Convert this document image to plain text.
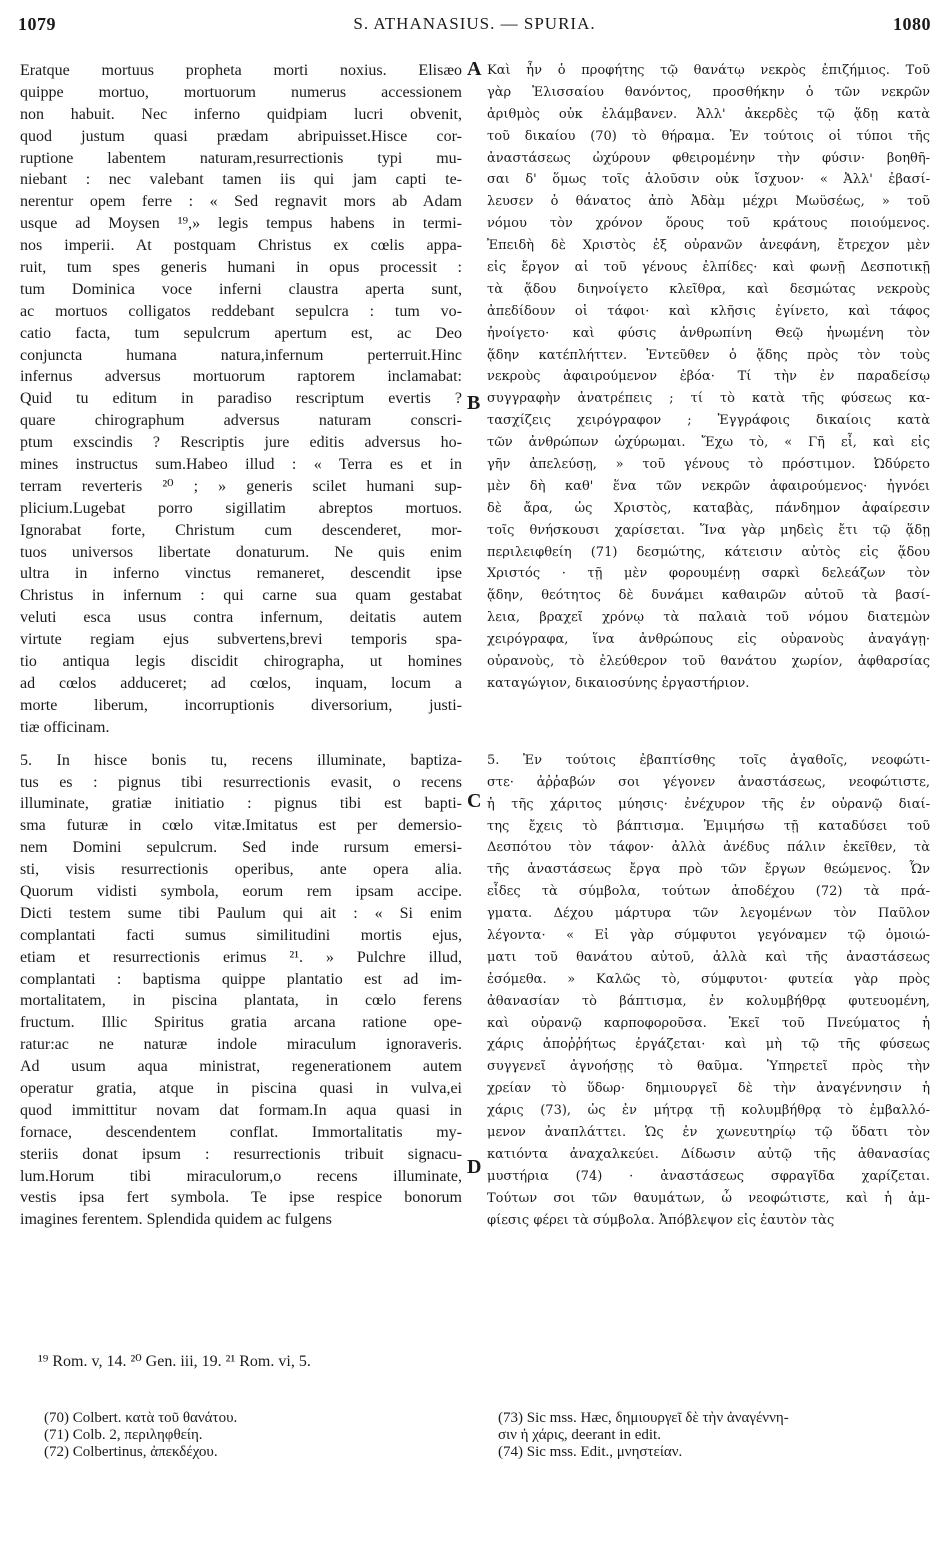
1079	S. ATHANASIUS. — SPURIA.	1080
Eratque mortuus propheta morti noxius. Elisæo
quippe mortuo, mortuorum numerus accessionem
non habuit. Nec inferno quidpiam lucri obvenit,
quod justum quasi prædam abripuisset.Hisce cor-
ruptione labentem naturam,resurrectionis typi mu-
niebant : nec valebant tamen iis qui jam capti te-
nerentur opem ferre : « Sed regnavit mors ab Adam
usque ad Moysen ¹⁹,» legis tempus habens in termi-
nos imperii. At postquam Christus ex cœlis appa-
ruit, tum spes generis humani in opus processit :
tum Dominica voce inferni claustra aperta sunt,
ac mortuos colligatos reddebant sepulcra : tum vo-
catio facta, tum sepulcrum apertum est, ac Deo
conjuncta humana natura,infernum perterruit.Hinc
infernus adversus mortuorum raptorem inclamabat:
Quid tu editum in paradiso rescriptum evertis ?
quare chirographum adversus naturam conscri-
ptum exscindis ? Rescriptis jure editis adversus ho-
mines instructus sum.Habeo illud : « Terra es et in
terram reverteris ²⁰ ; » generis scilet humani sup-
plicium.Lugebat porro sigillatim abreptos mortuos.
Ignorabat forte, Christum cum descenderet, mor-
tuos universos libertate donaturum. Ne quis enim
ultra in inferno vinctus remaneret, descendit ipse
Christus in infernum : qui carne sua quam gestabat
veluti esca usus contra infernum, deitatis autem
virtute regiam ejus subvertens,brevi temporis spa-
tio antiqua legis discidit chirographa, ut homines
ad cœlos adduceret; ad cœlos, inquam, locum a
morte liberum, incorruptionis diversorium, justi-
tiæ officinam.
5. In hisce bonis tu, recens illuminate, baptiza-
tus es : pignus tibi resurrectionis evasit, o recens
illuminate, gratiæ initiatio : pignus tibi est bapti-
sma futuræ in cœlo vitæ.Imitatus est per demersio-
nem Domini sepulcrum. Sed inde rursum emersi-
sti, visis resurrectionis operibus, ante opera alia.
Quorum vidisti symbola, eorum rem ipsam accipe.
Dicti testem sume tibi Paulum qui ait : « Si enim
complantati facti sumus similitudini mortis ejus,
etiam et resurrectionis erimus ²¹. » Pulchre illud,
complantati : baptisma quippe plantatio est ad im-
mortalitatem, in piscina plantata, in cœlo ferens
fructum. Illic Spiritus gratia arcana ratione ope-
ratur:ac ne naturæ indole miraculum ignoraveris.
Ad usum aqua ministrat, regenerationem autem
operatur gratia, atque in piscina quasi in vulva,ei
quod immittitur novam dat formam.In aqua quasi in
fornace, descendentem conflat. Immortalitatis my-
steriis donat ipsum : resurrectionis tribuit signacu-
lum.Horum tibi miraculorum,o recens illuminate,
vestis ipsa fert symbola. Te ipse respice bonorum
imagines ferentem. Splendida quidem ac fulgens
Καὶ ἦν ὁ προφήτης τῷ θανάτῳ νεκρὸς ἐπιζήμιος. Τοῦ
γὰρ Ἐλισσαίου θανόντος, προσθήκην ὁ τῶν νεκρῶν
ἀριθμὸς οὐκ ἐλάμβανεν. Ἀλλ' ἀκερδὲς τῷ ᾅδῃ κατὰ
τοῦ δικαίου (70) τὸ θήραμα. Ἐν τούτοις οἱ τύποι τῆς
ἀναστάσεως ὠχύρουν φθειρομένην τὴν φύσιν· βοηθῆ-
σαι δ' ὅμως τοῖς ἁλοῦσιν οὐκ ἴσχυον· « Ἀλλ' ἐβασί-
λευσεν ὁ θάνατος ἀπὸ Ἀδὰμ μέχρι Μωϋσέως, » τοῦ
νόμου τὸν χρόνον ὅρους τοῦ κράτους ποιούμενος.
Ἐπειδὴ δὲ Χριστὸς ἐξ οὐρανῶν ἀνεφάνη, ἔτρεχον μὲν
εἰς ἔργον αἱ τοῦ γένους ἐλπίδες· καὶ φωνῇ Δεσποτικῇ
τὰ ᾅδου διηνοίγετο κλεῖθρα, καὶ δεσμώτας νεκροὺς
ἀπεδίδουν οἱ τάφοι· καὶ κλῆσις ἐγίνετο, καὶ τάφος
ἠνοίγετο· καὶ φύσις ἀνθρωπίνη Θεῷ ἡνωμένη τὸν
ᾅδην κατέπλήττεν. Ἐντεῦθεν ὁ ᾅδης πρὸς τὸν τοὺς
νεκροὺς ἀφαιρούμενον ἐβόα· Τί τὴν ἐν παραδείσῳ
συγγραφὴν ἀνατρέπεις ; τί τὸ κατὰ τῆς φύσεως κα-
τασχίζεις χειρόγραφον ; Ἐγγράφοις δικαίοις κατὰ
τῶν ἀνθρώπων ὠχύρωμαι. Ἔχω τὸ, « Γῆ εἶ, καὶ εἰς
γῆν ἀπελεύσῃ, » τοῦ γένους τὸ πρόστιμον. Ὠδύρετο
μὲν δὴ καθ' ἕνα τῶν νεκρῶν ἀφαιρούμενος· ἠγνόει
δὲ ἄρα, ὡς Χριστὸς, καταβὰς, πάνδημον ἀφαίρεσιν
τοῖς θνήσκουσι χαρίσεται. Ἵνα γὰρ μηδεὶς ἔτι τῷ ᾅδῃ
περιλειφθείη (71) δεσμώτης, κάτεισιν αὐτὸς εἰς ᾅδου
Χριστός · τῇ μὲν φορουμένῃ σαρκὶ δελεάζων τὸν
ᾅδην, θεότητος δὲ δυνάμει καθαιρῶν αὐτοῦ τὰ βασί-
λεια, βραχεῖ χρόνῳ τὰ παλαιὰ τοῦ νόμου διατεμὼν
χειρόγραφα, ἵνα ἀνθρώπους εἰς οὐρανοὺς ἀναγάγῃ·
οὐρανοὺς, τὸ ἐλεύθερον τοῦ θανάτου χωρίον, ἀφθαρσίας
καταγώγιον, δικαιοσύνης ἐργαστήριον.
5. Ἐν τούτοις ἐβαπτίσθης τοῖς ἀγαθοῖς, νεοφώτι-
στε· ἀῤῥαβών σοι γέγονεν ἀναστάσεως, νεοφώτιστε,
ἡ τῆς χάριτος μύησις· ἐνέχυρον τῆς ἐν οὐρανῷ διαί-
της ἔχεις τὸ βάπτισμα. Ἐμιμήσω τῇ καταδύσει τοῦ
Δεσπότου τὸν τάφον· ἀλλὰ ἀνέδυς πάλιν ἐκεῖθεν, τὰ
τῆς ἀναστάσεως ἔργα πρὸ τῶν ἔργων θεώμενος. Ὧν
εἶδες τὰ σύμβολα, τούτων ἀποδέχου (72) τὰ πρά-
γματα. Δέχου μάρτυρα τῶν λεγομένων τὸν Παῦλον
λέγοντα· « Εἰ γὰρ σύμφυτοι γεγόναμεν τῷ ὁμοιώ-
ματι τοῦ θανάτου αὐτοῦ, ἀλλὰ καὶ τῆς ἀναστάσεως
ἐσόμεθα. » Καλῶς τὸ, σύμφυτοι· φυτεία γὰρ πρὸς
ἀθανασίαν τὸ βάπτισμα, ἐν κολυμβήθρᾳ φυτευομένη,
καὶ οὐρανῷ καρποφοροῦσα. Ἐκεῖ τοῦ Πνεύματος ἡ
χάρις ἀποῤῥήτως ἐργάζεται· καὶ μὴ τῷ τῆς φύσεως
συγγενεῖ ἀγνοήσῃς τὸ θαῦμα. Ὑπηρετεῖ πρὸς τὴν
χρείαν τὸ ὕδωρ· δημιουργεῖ δὲ τὴν ἀναγέννησιν ἡ
χάρις (73), ὡς ἐν μήτρᾳ τῇ κολυμβήθρᾳ τὸ ἐμβαλλό-
μενον ἀναπλάττει. Ὡς ἐν χωνευτηρίῳ τῷ ὕδατι τὸν
κατιόντα ἀναχαλκεύει. Δίδωσιν αὐτῷ τῆς ἀθανασίας
μυστήρια (74) · ἀναστάσεως σφραγῖδα χαρίζεται.
Τούτων σοι τῶν θαυμάτων, ὦ νεοφώτιστε, καὶ ἡ ἀμ-
φίεσις φέρει τὰ σύμβολα. Ἀπόβλεψον εἰς ἑαυτὸν τὰς
A
B
C
D
¹⁹ Rom. v, 14. ²⁰ Gen. iii, 19. ²¹ Rom. vi, 5.
(70) Colbert. κατὰ τοῦ θανάτου.
(71) Colb. 2, περιληφθείη.
(72) Colbertinus, ἀπεκδέχου.
(73) Sic mss. Hæc, δημιουργεῖ δὲ τὴν ἀναγέννη-
σιν ἡ χάρις, deerant in edit.
(74) Sic mss. Edit., μνηστείαν.
